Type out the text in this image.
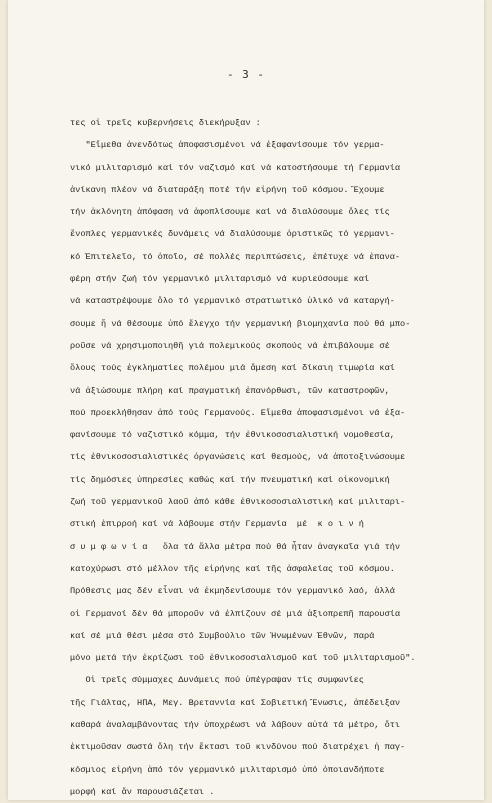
- 3 -
τες οἱ τρεῖς κυβερνήσεις διεκήρυξαν :
"Εἴμεθα ἀνενδότως ἀποφασισμένοι νά ἐξαφανίσουμε τόν γερμα-
νικό μιλιταρισμό καί τόν ναζισμό καί νά κατοστήσουμε τή Γερμανία
ἀνίκανη πλέον νά διαταράξη ποτέ τήν εἰρήνη τοῦ κόσμου. Ἔχουμε
τήν ἀκλόνητη ἀπόφαση νά ἀφοπλίσουμε καί νά διαλύσουμε ὅλες τίς
ἔνοπλες γερμανικές δυνάμεις νά διαλύσουμε ὁριστικῶς τό γερμανι-
κό Ἐπιτελεῖο, τό ὁποῖο, σέ πολλές περιπτώσεις, ἐπέτυχε νά ἐπανα-
φέρη στήν ζωή τόν γερμανικό μιλιταρισμό νά κυριεύσουμε καί
νά καταστρέψουμε ὅλο τό γερμανικό στρατιωτικό ὑλικό νά καταργή-
σουμε ἤ νά θέσουμε ὑπό ἔλεγχο τήν γερμανική βιομηχανία πού θά μπο-
ροῦσε νά χρησιμοποιηθῆ γιά πολεμικούς σκοπούς νά ἐπιβάλουμε σέ
ὅλους τούς ἐγκληματίες πολέμου μιά ἄμεση καί δίκαιη τιμωρία καί
νά ἀξιώσουμε πλήρη καί πραγματική ἐπανόρθωσι, τῶν καταστροφῶν,
πού προεκλήθησαν ἀπό τούς Γερμανούς. Εἴμεθα ἀποφασισμένοι νά ἐξα-
φανίσουμε τό ναζιστικό κόμμα, τήν ἐθνικοσοσιαλιστική νομοθεσία,
τίς ἐθνικοσοσιαλιστικές ὀργανώσεις καί θεσμούς, νά ἀποτοξινώσουμε
τίς δημόσιες ὑπηρεσίες καθώς καί τήν πνευματική καί οἰκονομική
ζωή τοῦ γερμανικοῦ λαοῦ ἀπό κάθε ἐθνικοσοσιαλιστική καί μιλιταρι-
στική ἐπιρροή καί νά λάβουμε στήν Γερμανία  μέ  κ ο ι ν ή
σ υ μ φ ω ν ί α   ὅλα τά ἄλλα μέτρα πού θά ἦταν ἀναγκαῖα γιά τήν
κατοχύρωσι στό μέλλον τῆς εἰρήνης καί τῆς ἀσφαλείας τοῦ κόσμου.
Πρόθεσις μας δέν εἶναι νά ἐκμηδενίσουμε τόν γερμανικό λαό, ἀλλά
οἱ Γερμανοί δέν θά μποροῦν νά ἐλπίζουν σέ μιά ἀξιοπρεπῆ παρουσία
καί σέ μιά θέσι μέσα στό Συμβούλιο τῶν Ἡνωμένων Ἐθνῶν, παρά
μόνο μετά τήν ἐκρίζωσι τοῦ ἐθνικοσοσιαλισμοῦ καί τοῦ μιλιταρισμοῦ".
Οἱ τρεῖς σύμμαχες Δυνάμεις πού ὑπέγραψαν τίς συμφωνίες
τῆς Γιάλτας, ΗΠΑ, Μεγ. Βρεταννία καί Σοβιετική Ἕνωσις, ἀπέδειξαν
καθαρά ἀναλαμβάνοντας τήν ὑποχρέωσι νά λάβουν αὐτά τά μέτρο, ὅτι
ἐκτιμοῦσαν σωστά ὅλη τήν ἔκτασι τοῦ κινδύνου πού διατρέχει ἡ παγ-
κόσμιος εἰρήνη ἀπό τόν γερμανικό μιλιταρισμό ὑπό ὁποιανδήποτε
μορφή καί ἄν παρουσιάζεται .
